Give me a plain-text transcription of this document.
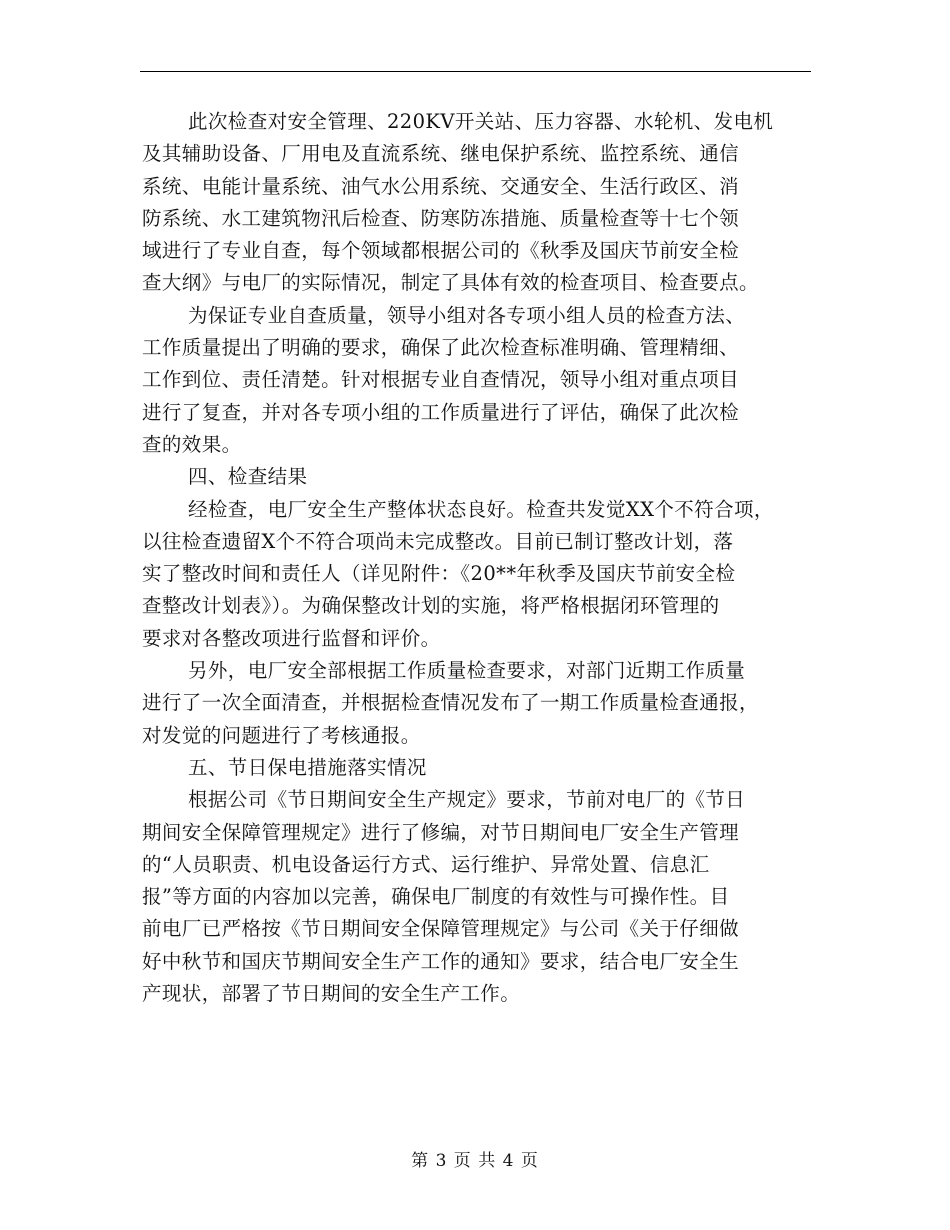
此次检查对安全管理、220KV开关站、压力容器、水轮机、发电机
及其辅助设备、厂用电及直流系统、继电保护系统、监控系统、通信
系统、电能计量系统、油气水公用系统、交通安全、生活行政区、消
防系统、水工建筑物汛后检查、防寒防冻措施、质量检查等十七个领
域进行了专业自查，每个领域都根据公司的《秋季及国庆节前安全检
查大纲》与电厂的实际情况，制定了具体有效的检查项目、检查要点。
为保证专业自查质量，领导小组对各专项小组人员的检查方法、
工作质量提出了明确的要求，确保了此次检查标准明确、管理精细、
工作到位、责任清楚。针对根据专业自查情况，领导小组对重点项目
进行了复查，并对各专项小组的工作质量进行了评估，确保了此次检
查的效果。
四、检查结果
经检查，电厂安全生产整体状态良好。检查共发觉XX个不符合项，
以往检查遗留X个不符合项尚未完成整改。目前已制订整改计划，落
实了整改时间和责任人（详见附件：《20**年秋季及国庆节前安全检
查整改计划表》）。为确保整改计划的实施，将严格根据闭环管理的
要求对各整改项进行监督和评价。
另外，电厂安全部根据工作质量检查要求，对部门近期工作质量
进行了一次全面清查，并根据检查情况发布了一期工作质量检查通报，
对发觉的问题进行了考核通报。
五、节日保电措施落实情况
根据公司《节日期间安全生产规定》要求，节前对电厂的《节日
期间安全保障管理规定》进行了修编，对节日期间电厂安全生产管理
的“人员职责、机电设备运行方式、运行维护、异常处置、信息汇
报”等方面的内容加以完善，确保电厂制度的有效性与可操作性。目
前电厂已严格按《节日期间安全保障管理规定》与公司《关于仔细做
好中秋节和国庆节期间安全生产工作的通知》要求，结合电厂安全生
产现状，部署了节日期间的安全生产工作。
第 3 页 共 4 页
